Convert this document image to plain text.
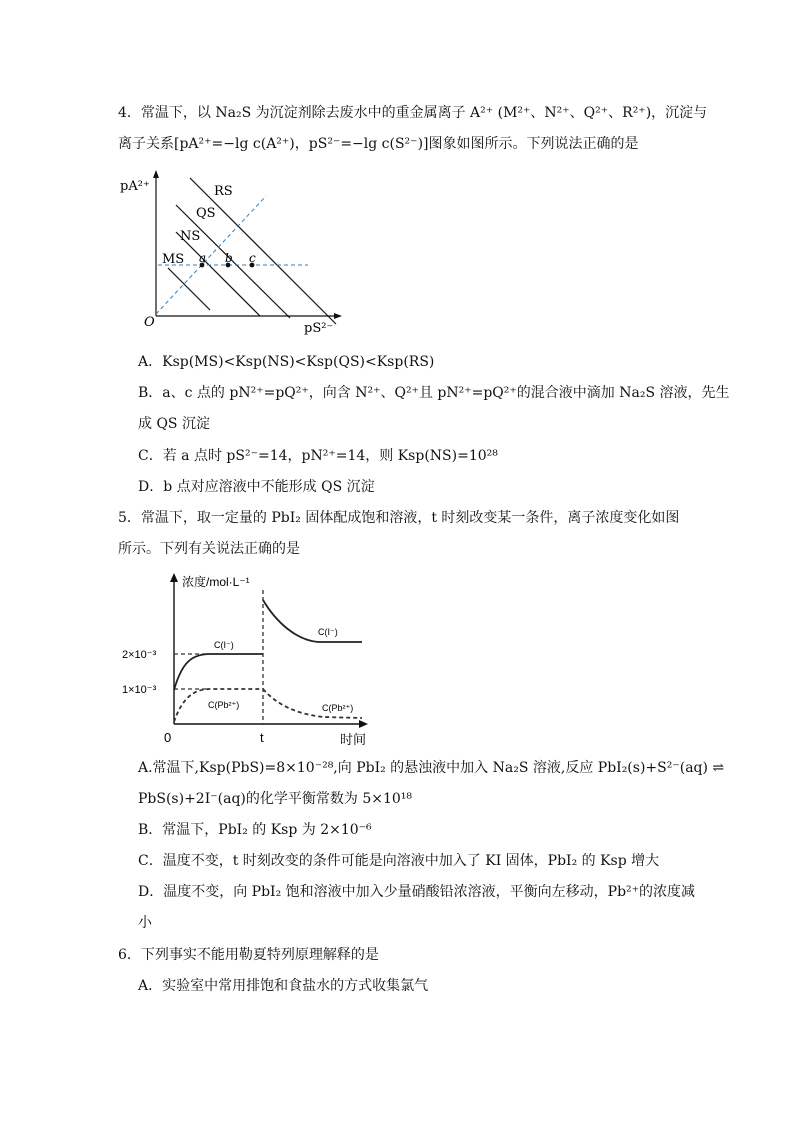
4．常温下，以 Na₂S 为沉淀剂除去废水中的重金属离子 A²⁺ (M²⁺、N²⁺、Q²⁺、R²⁺)，沉淀与
离子关系[pA²⁺=−lg c(A²⁺)，pS²⁻=−lg c(S²⁻)]图象如图所示。下列说法正确的是
pA²⁺
pS²⁻
O
MS
NS
QS
RS
a b c
A．Ksp(MS)<Ksp(NS)<Ksp(QS)<Ksp(RS)
B．a、c 点的 pN²⁺=pQ²⁺，向含 N²⁺、Q²⁺且 pN²⁺=pQ²⁺的混合液中滴加 Na₂S 溶液，先生
成 QS 沉淀
C．若 a 点时 pS²⁻=14，pN²⁺=14，则 Ksp(NS)=10²⁸
D．b 点对应溶液中不能形成 QS 沉淀
5．常温下，取一定量的 PbI₂ 固体配成饱和溶液，t 时刻改变某一条件，离子浓度变化如图
所示。下列有关说法正确的是
浓度/mol·L⁻¹
时间
0	t
2×10⁻³
1×10⁻³
C(I⁻)
C(I⁻)
C(Pb²⁺)	C(Pb²⁺)
A.常温下,Ksp(PbS)=8×10⁻²⁸,向 PbI₂ 的悬浊液中加入 Na₂S 溶液,反应 PbI₂(s)+S²⁻(aq) ⇌
PbS(s)+2I⁻(aq)的化学平衡常数为 5×10¹⁸
B．常温下，PbI₂ 的 Ksp 为 2×10⁻⁶
C．温度不变，t 时刻改变的条件可能是向溶液中加入了 KI 固体，PbI₂ 的 Ksp 增大
D．温度不变，向 PbI₂ 饱和溶液中加入少量硝酸铅浓溶液，平衡向左移动，Pb²⁺的浓度减
小
6．下列事实不能用勒夏特列原理解释的是
A．实验室中常用排饱和食盐水的方式收集氯气
